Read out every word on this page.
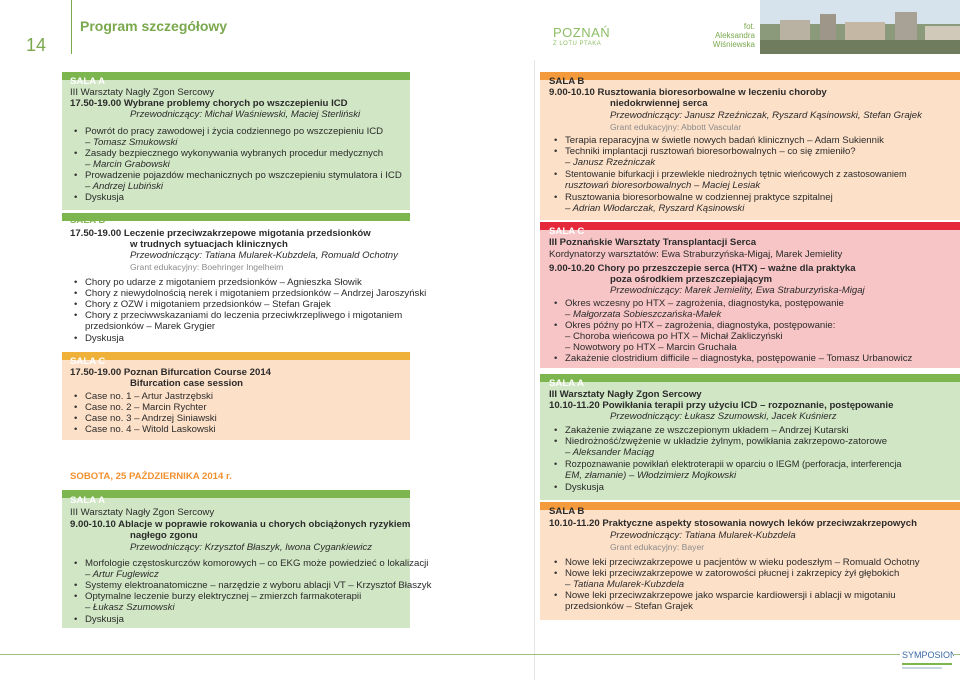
14
Program szczegółowy	POZNAŃ
Z LOTU PTAKA
fot.
Aleksandra
Wiśniewska
SALA A
III Warsztaty Nagły Zgon Sercowy
17.50-19.00 Wybrane problemy chorych po wszczepieniu ICD
Przewodniczący: Michał Waśniewski, Maciej Sterliński
• Powrót do pracy zawodowej i życia codziennego po wszczepieniu ICD
– Tomasz Smukowski
• Zasady bezpiecznego wykonywania wybranych procedur medycznych
– Marcin Grabowski
• Prowadzenie pojazdów mechanicznych po wszczepieniu stymulatora i ICD
– Andrzej Lubiński
• Dyskusja
SALA B
17.50-19.00 Leczenie przeciwzakrzepowe migotania przedsionków
w trudnych sytuacjach klinicznych
Przewodniczący: Tatiana Mularek-Kubzdela, Romuald Ochotny
Grant edukacyjny: Boehringer Ingelheim
• Chory po udarze z migotaniem przedsionków – Agnieszka Słowik
• Chory z niewydolnością nerek i migotaniem przedsionków – Andrzej Jaroszyński
• Chory z OZW i migotaniem przedsionków – Stefan Grajek
• Chory z przeciwwskazaniami do leczenia przeciwkrzepliwego i migotaniem
przedsionków – Marek Grygier
• Dyskusja
SALA C
17.50-19.00 Poznan Bifurcation Course 2014
Bifurcation case session
• Case no. 1 – Artur Jastrzębski
• Case no. 2 – Marcin Rychter
• Case no. 3 – Andrzej Siniawski
• Case no. 4 – Witold Laskowski
SOBOTA, 25 PAŹDZIERNIKA 2014 r.
SALA A
III Warsztaty Nagły Zgon Sercowy
9.00-10.10 Ablacje w poprawie rokowania u chorych obciążonych ryzykiem
nagłego zgonu
Przewodniczący: Krzysztof Błaszyk, Iwona Cygankiewicz
• Morfologie częstoskurczów komorowych – co EKG może powiedzieć o lokalizacji
– Artur Fuglewicz
• Systemy elektroanatomiczne – narzędzie z wyboru ablacji VT – Krzysztof Błaszyk
• Optymalne leczenie burzy elektrycznej – zmierzch farmakoterapii
– Łukasz Szumowski
• Dyskusja
SALA B
9.00-10.10 Rusztowania bioresorbowalne w leczeniu choroby
niedokrwiennej serca
Przewodniczący: Janusz Rzeźniczak, Ryszard Kąsinowski, Stefan Grajek
Grant edukacyjny: Abbott Vascular
• Terapia reparacyjna w świetle nowych badań klinicznych – Adam Sukiennik
• Techniki implantacji rusztowań bioresorbowalnych – co się zmieniło?
– Janusz Rzeźniczak
• Stentowanie bifurkacji i przewlekle niedrożnych tętnic wieńcowych z zastosowaniem
rusztowań bioresorbowalnych – Maciej Lesiak
• Rusztowania bioresorbowalne w codziennej praktyce szpitalnej
– Adrian Włodarczak, Ryszard Kąsinowski
SALA C
III Poznańskie Warsztaty Transplantacji Serca
Kordynatorzy warsztatów: Ewa Straburzyńska-Migaj, Marek Jemielity
9.00-10.20 Chory po przeszczepie serca (HTX) – ważne dla praktyka
poza ośrodkiem przeszczepiającym
Przewodniczący: Marek Jemielity, Ewa Straburzyńska-Migaj
• Okres wczesny po HTX – zagrożenia, diagnostyka, postępowanie
– Małgorzata Sobieszczańska-Małek
• Okres późny po HTX – zagrożenia, diagnostyka, postępowanie:
– Choroba wieńcowa po HTX – Michał Zakliczyński
– Nowotwory po HTX – Marcin Gruchała
• Zakażenie clostridium difficile – diagnostyka, postępowanie – Tomasz Urbanowicz
SALA A
III Warsztaty Nagły Zgon Sercowy
10.10-11.20 Powikłania terapii przy użyciu ICD – rozpoznanie, postępowanie
Przewodniczący: Łukasz Szumowski, Jacek Kuśnierz
• Zakażenie związane ze wszczepionym układem – Andrzej Kutarski
• Niedrożność/zwężenie w układzie żylnym, powikłania zakrzepowo-zatorowe
– Aleksander Maciąg
• Rozpoznawanie powikłań elektroterapii w oparciu o IEGM (perforacja, interferencja
EM, złamanie) – Włodzimierz Mojkowski
• Dyskusja
SALA B
10.10-11.20 Praktyczne aspekty stosowania nowych leków przeciwzakrzepowych
Przewodniczący: Tatiana Mularek-Kubzdela
Grant edukacyjny: Bayer
• Nowe leki przeciwzakrzepowe u pacjentów w wieku podeszłym – Romuald Ochotny
• Nowe leki przeciwzakrzepowe w zatorowości płucnej i zakrzepicy żył głębokich
– Tatiana Mularek-Kubzdela
• Nowe leki przeciwzakrzepowe jako wsparcie kardiowersji i ablacji w migotaniu
przedsionków – Stefan Grajek
SYMPOSION
